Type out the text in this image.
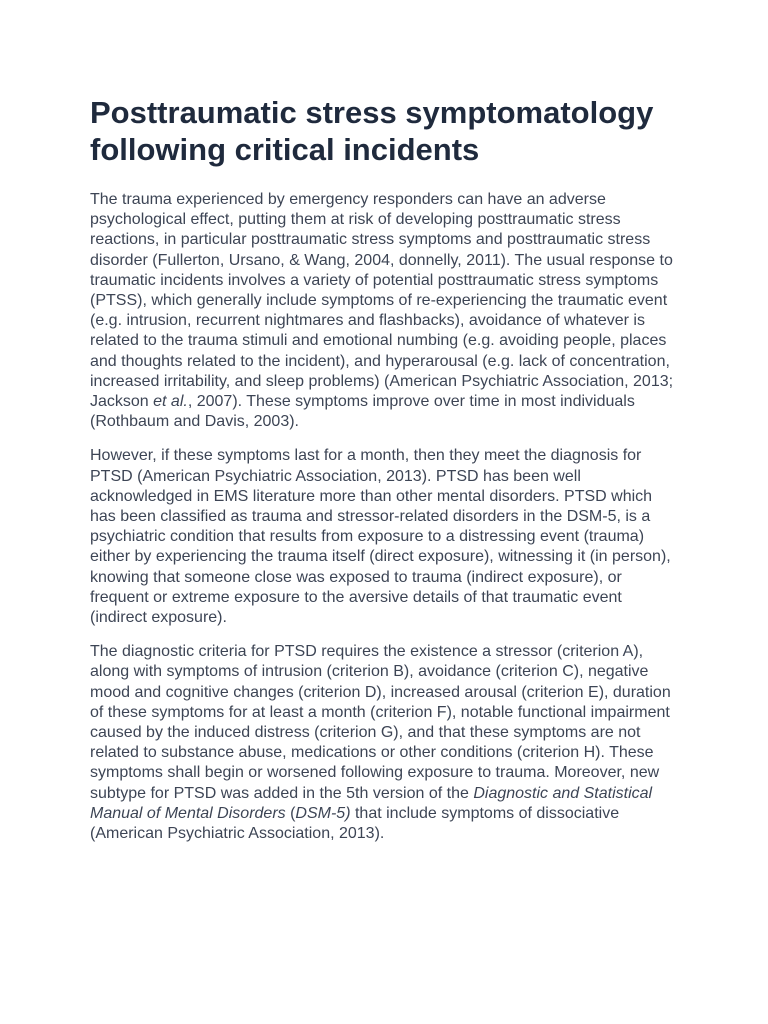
Posttraumatic stress symptomatology following critical incidents

The trauma experienced by emergency responders can have an adverse psychological effect, putting them at risk of developing posttraumatic stress reactions, in particular posttraumatic stress symptoms and posttraumatic stress disorder (Fullerton, Ursano, & Wang, 2004, donnelly, 2011). The usual response to traumatic incidents involves a variety of potential posttraumatic stress symptoms (PTSS), which generally include symptoms of re-experiencing the traumatic event (e.g. intrusion, recurrent nightmares and flashbacks), avoidance of whatever is related to the trauma stimuli and emotional numbing (e.g. avoiding people, places and thoughts related to the incident), and hyperarousal (e.g. lack of concentration, increased irritability, and sleep problems) (American Psychiatric Association, 2013; Jackson et al., 2007). These symptoms improve over time in most individuals (Rothbaum and Davis, 2003).

However, if these symptoms last for a month, then they meet the diagnosis for PTSD (American Psychiatric Association, 2013). PTSD has been well acknowledged in EMS literature more than other mental disorders. PTSD which has been classified as trauma and stressor-related disorders in the DSM-5, is a psychiatric condition that results from exposure to a distressing event (trauma) either by experiencing the trauma itself (direct exposure), witnessing it (in person), knowing that someone close was exposed to trauma (indirect exposure), or frequent or extreme exposure to the aversive details of that traumatic event (indirect exposure).

The diagnostic criteria for PTSD requires the existence a stressor (criterion A), along with symptoms of intrusion (criterion B), avoidance (criterion C), negative mood and cognitive changes (criterion D), increased arousal (criterion E), duration of these symptoms for at least a month (criterion F), notable functional impairment caused by the induced distress (criterion G), and that these symptoms are not related to substance abuse, medications or other conditions (criterion H). These symptoms shall begin or worsened following exposure to trauma. Moreover, new subtype for PTSD was added in the 5th version of the Diagnostic and Statistical Manual of Mental Disorders (DSM-5) that include symptoms of dissociative (American Psychiatric Association, 2013).
